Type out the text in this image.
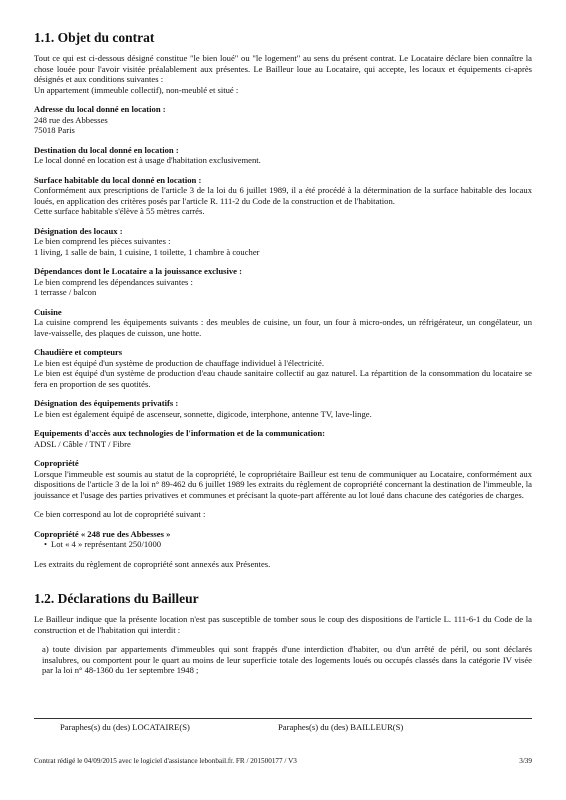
1.1. Objet du contrat

Tout ce qui est ci-dessous désigné constitue "le bien loué" ou "le logement" au sens du présent contrat. Le Locataire déclare bien connaître la chose louée pour l'avoir visitée préalablement aux présentes. Le Bailleur loue au Locataire, qui accepte, les locaux et équipements ci-après désignés et aux conditions suivantes :

Un appartement (immeuble collectif), non-meublé et situé :

Adresse du local donné en location :

248 rue des Abbesses

75018 Paris

Destination du local donné en location :

Le local donné en location est à usage d'habitation exclusivement.

Surface habitable du local donné en location :

Conformément aux prescriptions de l'article 3 de la loi du 6 juillet 1989, il a été procédé à la détermination de la surface habitable des locaux loués, en application des critères posés par l'article R. 111-2 du Code de la construction et de l'habitation.

Cette surface habitable s'élève à 55 mètres carrés.

Désignation des locaux :

Le bien comprend les pièces suivantes :

1 living, 1 salle de bain, 1 cuisine, 1 toilette, 1 chambre à coucher

Dépendances dont le Locataire a la jouissance exclusive :

Le bien comprend les dépendances suivantes :

1 terrasse / balcon

Cuisine

La cuisine comprend les équipements suivants : des meubles de cuisine, un four, un four à micro-ondes, un réfrigérateur, un congélateur, un lave-vaisselle, des plaques de cuisson, une hotte.

Chaudière et compteurs

Le bien est équipé d'un système de production de chauffage individuel à l'électricité.

Le bien est équipé d'un système de production d'eau chaude sanitaire collectif au gaz naturel. La répartition de la consommation du locataire se fera en proportion de ses quotités.

Désignation des équipements privatifs :

Le bien est également équipé de ascenseur, sonnette, digicode, interphone, antenne TV, lave-linge.

Equipements d'accès aux technologies de l'information et de la communication:

ADSL / Câble / TNT / Fibre

Copropriété

Lorsque l'immeuble est soumis au statut de la copropriété, le copropriétaire Bailleur est tenu de communiquer au Locataire, conformément aux dispositions de l'article 3 de la loi n° 89-462 du 6 juillet 1989 les extraits du règlement de copropriété concernant la destination de l'immeuble, la jouissance et l'usage des parties privatives et communes et précisant la quote-part afférente au lot loué dans chacune des catégories de charges.

Ce bien correspond au lot de copropriété suivant :

Copropriété « 248 rue des Abbesses »
• Lot « 4 » représentant 250/1000

Les extraits du règlement de copropriété sont annexés aux Présentes.

1.2. Déclarations du Bailleur

Le Bailleur indique que la présente location n'est pas susceptible de tomber sous le coup des dispositions de l'article L. 111-6-1 du Code de la construction et de l'habitation qui interdit :

a) toute division par appartements d'immeubles qui sont frappés d'une interdiction d'habiter, ou d'un arrêté de péril, ou sont déclarés insalubres, ou comportent pour le quart au moins de leur superficie totale des logements loués ou occupés classés dans la catégorie IV visée par la loi n° 48-1360 du 1er septembre 1948 ;

Paraphes(s) du (des) LOCATAIRE(S)	Paraphes(s) du (des) BAILLEUR(S)
Contrat rédigé le 04/09/2015 avec le logiciel d'assistance lebonbail.fr. FR / 201500177 / V3	3/39
